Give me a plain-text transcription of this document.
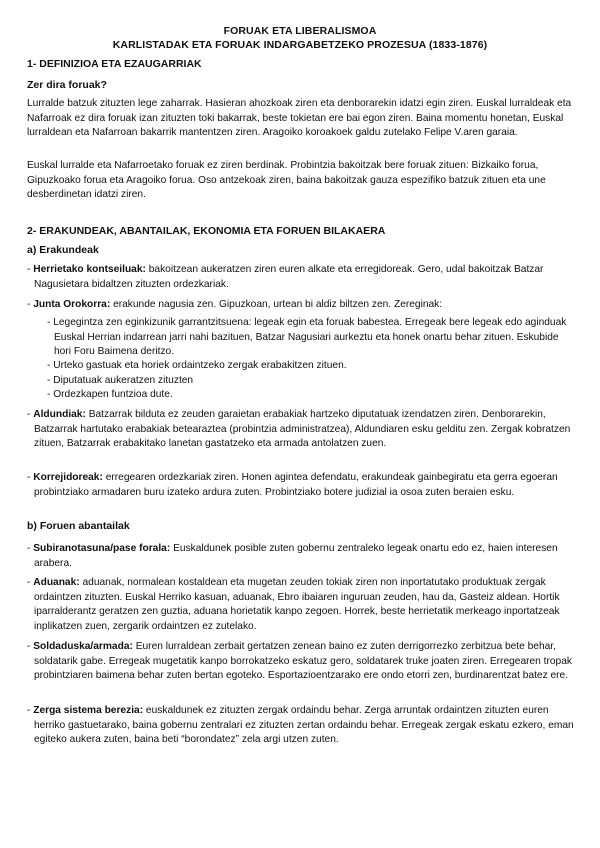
FORUAK ETA LIBERALISMOA
KARLISTADAK ETA FORUAK INDARGABETZEKO PROZESUA (1833-1876)
1- DEFINIZIOA ETA EZAUGARRIAK
Zer dira foruak?

Lurralde batzuk zituzten lege zaharrak. Hasieran ahozkoak ziren eta denborarekin idatzi egin ziren. Euskal lurraldeak eta Nafarroak ez dira foruak izan zituzten toki bakarrak, beste tokietan ere bai egon ziren. Baina momentu honetan, Euskal lurraldean eta Nafarroan bakarrik mantentzen ziren. Aragoiko koroakoek galdu zutelako Felipe V.aren garaia.

Euskal lurralde eta Nafarroetako foruak ez ziren berdinak. Probintzia bakoitzak bere foruak zituen: Bizkaiko forua, Gipuzkoako forua eta Aragoiko forua. Oso antzekoak ziren, baina bakoitzak gauza espezifiko batzuk zituen eta une desberdinetan idatzi ziren.

2- ERAKUNDEAK, ABANTAILAK, EKONOMIA ETA FORUEN BILAKAERA
a) Erakundeak

- Herrietako kontseiluak: bakoitzean aukeratzen ziren euren alkate eta erregidoreak. Gero, udal bakoitzak Batzar Nagusietara bidaltzen zituzten ordezkariak.

- Junta Orokorra: erakunde nagusia zen. Gipuzkoan, urtean bi aldiz biltzen zen. Zereginak:

- Legegintza zen eginkizunik garrantzitsuena: legeak egin eta foruak babestea. Erregeak bere legeak edo aginduak Euskal Herrian indarrean jarri nahi bazituen, Batzar Nagusiari aurkeztu eta honek onartu behar zituen. Eskubide hori Foru Baimena deritzo.

- Urteko gastuak eta horiek ordaintzeko zergak erabakitzen zituen.

- Diputatuak aukeratzen zituzten

- Ordezkapen funtzioa dute.

- Aldundiak: Batzarrak bilduta ez zeuden garaietan erabakiak hartzeko diputatuak izendatzen ziren. Denborarekin, Batzarrak hartutako erabakiak betearaztea (probintzia administratzea), Aldundiaren esku gelditu zen. Zergak kobratzen zituen, Batzarrak erabakitako lanetan gastatzeko eta armada antolatzen zuen.

- Korrejidoreak: erregearen ordezkariak ziren. Honen agintea defendatu, erakundeak gainbegiratu eta gerra egoeran probintziako armadaren buru izateko ardura zuten. Probintziako botere judizial ia osoa zuten beraien esku.

b) Foruen abantailak

- Subiranotasuna/pase forala: Euskaldunek posible zuten gobernu zentraleko legeak onartu edo ez, haien interesen arabera.

- Aduanak: aduanak, normalean kostaldean eta mugetan zeuden tokiak ziren non inportatutako produktuak zergak ordaintzen zituzten. Euskal Herriko kasuan, aduanak, Ebro ibaiaren inguruan zeuden, hau da, Gasteiz aldean. Hortik iparralderantz geratzen zen guztia, aduana horietatik kanpo zegoen. Horrek, beste herrietatik merkeago inportatzeak inplikatzen zuen, zergarik ordaintzen ez zutelako.

- Soldaduska/armada: Euren lurraldean zerbait gertatzen zenean baino ez zuten derrigorrezko zerbitzua bete behar, soldatarik gabe. Erregeak mugetatik kanpo borrokatzeko eskatuz gero, soldatarek truke joaten ziren. Erregearen tropak probintziaren baimena behar zuten bertan egoteko. Esportazioentzarako ere ondo etorri zen, burdinarentzat batez ere.

- Zerga sistema berezia: euskaldunek ez zituzten zergak ordaindu behar. Zerga arruntak ordaintzen zituzten euren herriko gastuetarako, baina gobernu zentralari ez zituzten zertan ordaindu behar. Erregeak zergak eskatu ezkero, eman egiteko aukera zuten, baina beti “borondatez” zela argi utzen zuten.
